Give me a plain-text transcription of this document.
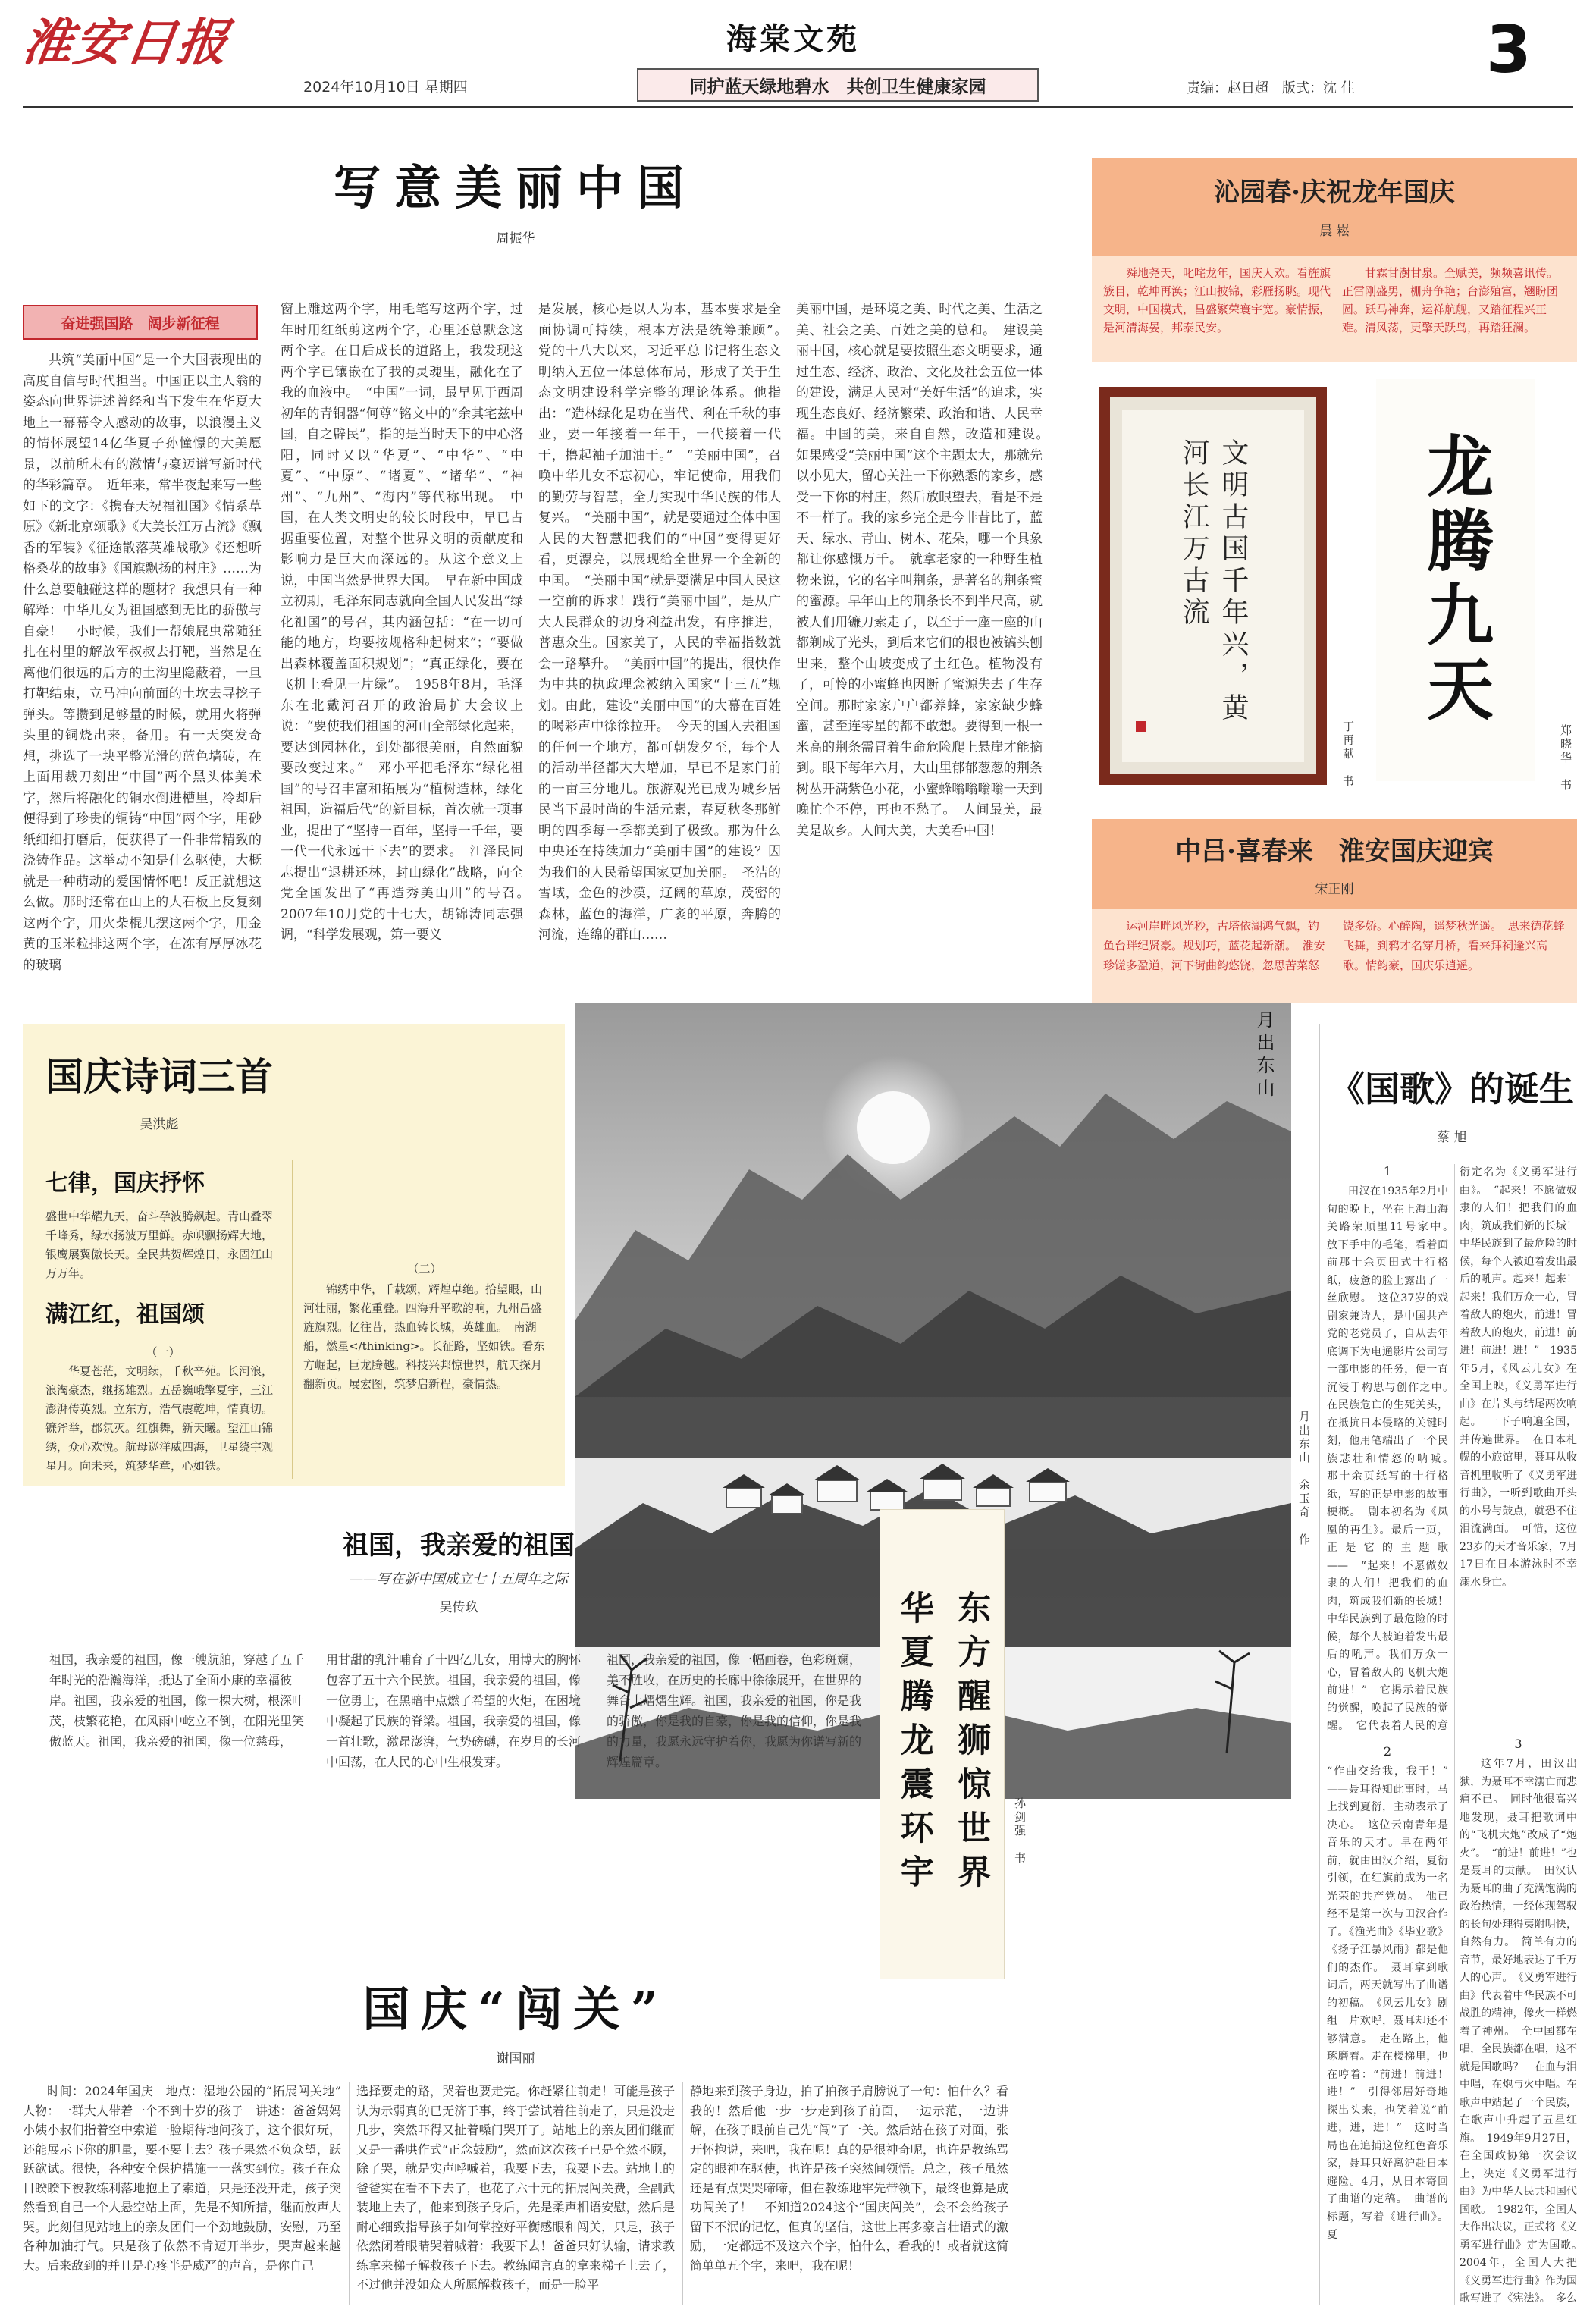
淮安日报
2024年10月10日 星期四
海棠文苑
同护蓝天绿地碧水　共创卫生健康家园	责编：赵日超　版式：沈 佳
3
写意美丽中国
周振华
奋进强国路　阔步新征程

共筑“美丽中国”是一个大国表现出的高度自信与时代担当。中国正以主人翁的姿态向世界讲述曾经和当下发生在华夏大地上一幕幕令人感动的故事，以浪漫主义的情怀展望14亿华夏子孙憧憬的大美愿景，以前所未有的激情与豪迈谱写新时代的华彩篇章。　近年来，常半夜起来写一些如下的文字：《携春天祝福祖国》《情系草原》《新北京颂歌》《大美长江万古流》《飘香的军装》《征途散落英雄战歌》《还想听格桑花的故事》《国旗飘扬的村庄》……为什么总要触碰这样的题材？我想只有一种解释：中华儿女为祖国感到无比的骄傲与自豪！　小时候，我们一帮娘屁虫常随狂扎在村里的解放军叔叔去打靶，当然是在离他们很远的后方的土沟里隐蔽着，一旦打靶结束，立马冲向前面的土坎去寻挖子弹头。等攒到足够量的时候，就用火将弹头里的铜烧出来，备用。有一天突发奇想，挑选了一块平整光滑的蓝色墙砖，在上面用裁刀刻出“中国”两个黑头体美术字，然后将融化的铜水倒进槽里，冷却后便得到了珍贵的铜铸“中国”两个字，用砂纸细细打磨后，便获得了一件非常精致的浇铸作品。这举动不知是什么驱使，大概就是一种萌动的爱国情怀吧！反正就想这么做。那时还常在山上的大石板上反复刻这两个字，用火柴棍儿摆这两个字，用金黄的玉米粒排这两个字，在冻有厚厚冰花的玻璃

窗上雕这两个字，用毛笔写这两个字，过年时用红纸剪这两个字，心里还总默念这两个字。在日后成长的道路上，我发现这两个字已镶嵌在了我的灵魂里，融化在了我的血液中。　“中国”一词，最早见于西周初年的青铜器“何尊”铭文中的“余其宅兹中国，自之辟民”，指的是当时天下的中心洛阳，同时又以“华夏”、“中华”、“中夏”、“中原”、“诸夏”、“诸华”、“神州”、“九州”、“海内”等代称出现。　中国，在人类文明史的较长时段中，早已占据重要位置，对整个世界文明的贡献度和影响力是巨大而深远的。从这个意义上说，中国当然是世界大国。　早在新中国成立初期，毛泽东同志就向全国人民发出“绿化祖国”的号召，其内涵包括：“在一切可能的地方，均要按规格种起树来”；“要做出森林覆盖面积规划”；“真正绿化，要在飞机上看见一片绿”。　1958年8月，毛泽东在北戴河召开的政治局扩大会议上说：“要使我们祖国的河山全部绿化起来，要达到园林化，到处都很美丽，自然面貌要改变过来。”　邓小平把毛泽东“绿化祖国”的号召丰富和拓展为“植树造林，绿化祖国，造福后代”的新目标，首次就一项事业，提出了“坚持一百年，坚持一千年，要一代一代永远干下去”的要求。　江泽民同志提出“退耕还林，封山绿化”战略，向全党全国发出了“再造秀美山川”的号召。　2007年10月党的十七大，胡锦涛同志强调，“科学发展观，第一要义

是发展，核心是以人为本，基本要求是全面协调可持续，根本方法是统筹兼顾”。　党的十八大以来，习近平总书记将生态文明纳入五位一体总体布局，形成了关于生态文明建设科学完整的理论体系。他指出：“造林绿化是功在当代、利在千秋的事业，要一年接着一年干，一代接着一代干，撸起袖子加油干。”　“美丽中国”，召唤中华儿女不忘初心，牢记使命，用我们的勤劳与智慧，全力实现中华民族的伟大复兴。　“美丽中国”，就是要通过全体中国人民的大智慧把我们的“中国”变得更好看，更漂亮，以展现给全世界一个全新的中国。　“美丽中国”就是要满足中国人民这一空前的诉求！践行“美丽中国”，是从广大人民群众的切身利益出发，有序推进，普惠众生。国家美了，人民的幸福指数就会一路攀升。　“美丽中国”的提出，很快作为中共的执政理念被纳入国家“十三五”规划。由此，建设“美丽中国”的大幕在百姓的喝彩声中徐徐拉开。　今天的国人去祖国的任何一个地方，都可朝发夕至，每个人的活动半径都大大增加，早已不是家门前的一亩三分地儿。旅游观光已成为城乡居民当下最时尚的生活元素，春夏秋冬那鲜明的四季每一季都美到了极致。那为什么中央还在持续加力“美丽中国”的建设？因为我们的人民希望国家更加美丽。　圣洁的雪域，金色的沙漠，辽阔的草原，茂密的森林，蓝色的海洋，广袤的平原，奔腾的河流，连绵的群山……

美丽中国，是环境之美、时代之美、生活之美、社会之美、百姓之美的总和。　建设美丽中国，核心就是要按照生态文明要求，通过生态、经济、政治、文化及社会五位一体的建设，满足人民对“美好生活”的追求，实现生态良好、经济繁荣、政治和谐、人民幸福。中国的美，来自自然，改造和建设。　如果感受“美丽中国”这个主题太大，那就先以小见大，留心关注一下你熟悉的家乡，感受一下你的村庄，然后放眼望去，看是不是不一样了。我的家乡完全是今非昔比了，蓝天、绿水、青山、树木、花朵，哪一个具象都让你感慨万千。　就拿老家的一种野生植物来说，它的名字叫荆条，是著名的荆条蜜的蜜源。早年山上的荆条长不到半尺高，就被人们用镰刀索走了，以至于一座一座的山都剃成了光头，到后来它们的根也被镐头刨出来，整个山坡变成了土红色。植物没有了，可怜的小蜜蜂也因断了蜜源失去了生存空间。那时家家户户都养蜂，家家缺少蜂蜜，甚至连零星的都不敢想。要得到一根一米高的荆条需冒着生命危险爬上悬崖才能摘到。眼下每年六月，大山里郁郁葱葱的荆条树丛开满紫色小花，小蜜蜂嗡嗡嗡嗡一天到晚忙个不停，再也不愁了。　人间最美，最美是故乡。人间大美，大美看中国！

沁园春·庆祝龙年国庆
晨 崧
舜地尧天，叱咤龙年，国庆人欢。看旌旗簇目，乾坤再涣；江山披锦，彩雁扬眺。现代文明，中国模式，昌盛繁荣寰宇宽。豪情振，是河清海晏，邦泰民安。
甘霖甘澍甘泉。全赋美，频频喜讯传。正雷刚盛男，栅舟争艳；台澎殖富，翘盼团圆。跃马神奔，运祥航舰，又踏征程兴正难。清风荡，更擎天跃鸟，再踏狂澜。
文明古国千年兴，黄河长江万古流
丁再献　书
龙腾九天
郑晓华　书
中吕·喜春来　淮安国庆迎宾
宋正刚
运河岸畔风光秒，古塔依湖鸿气飘，钓鱼台畔纪贤豪。规划巧，蓝花起新潮。　淮安珍馐多盈道，河下街曲韵悠饶，忽思苦菜怒饶多娇。心醉陶，遥梦秋光遥。　思来德花蜂飞舞，到鸦才名穿月桥，看来拜祠逢兴高歌。情韵豪，国庆乐逍遥。
国庆诗词三首
吴洪彪
七律，国庆抒怀
盛世中华耀九天，奋斗孕波腾飙起。青山叠翠千峰秀，绿水扬波万里鲜。赤帜飘扬辉大地，银鹰展翼傲长天。全民共贺辉煌日，永固江山万万年。
满江红，祖国颂
（一）
华夏苍茫，文明续，千秋辛苑。长河浪，浪淘豪杰，继扬雄烈。五岳巍峨擎夏宇，三江澎湃传英烈。立东方，浩气震乾坤，情真切。　镰斧举，郡氛灭。红旗舞，新天曦。望江山锦绣，众心欢悦。航母巡洋威四海，卫星绕宇观星月。向未来，筑梦华章，心如铁。
（二）
锦绣中华，千载颂，辉煌卓绝。拾望眼，山河壮丽，繁花重叠。四海升平歌韵响，九州昌盛旌旗烈。忆往昔，热血铸长城，英雄血。　南湖船，燃星</thinking>。长征路，坚如铁。看东方崛起，巨龙腾越。科技兴邦惊世界，航天探月翻新页。展宏图，筑梦启新程，豪情热。
月出东山
月出东山　余玉奇　作
祖国，我亲爱的祖国
——写在新中国成立七十五周年之际
吴传玖
祖国，我亲爱的祖国，像一艘航舶，穿越了五千年时光的浩瀚海洋，抵达了全面小康的幸福彼岸。祖国，我亲爱的祖国，像一棵大树，根深叶茂，枝繁花艳，在风雨中屹立不倒，在阳光里笑傲蓝天。祖国，我亲爱的祖国，像一位慈母，
用甘甜的乳汁哺育了十四亿儿女，用博大的胸怀包容了五十六个民族。祖国，我亲爱的祖国，像一位勇士，在黑暗中点燃了希望的火炬，在困境中凝起了民族的脊梁。祖国，我亲爱的祖国，像一首壮歌，激昂澎湃，气势磅礴，在岁月的长河中回荡，在人民的心中生根发芽。
祖国，我亲爱的祖国，像一幅画卷，色彩斑斓，美不胜收，在历史的长廊中徐徐展开，在世界的舞台上熠熠生辉。祖国，我亲爱的祖国，你是我的骄傲，你是我的自豪，你是我的信仰，你是我的力量，我愿永远守护着你，我愿为你谱写新的辉煌篇章。	东方醒狮惊世界
华夏腾龙震环宇	孙剑强　书
国庆“闯关”
谢国丽

时间：2024年国庆　地点：湿地公园的“拓展闯关地”　人物：一群大人带着一个不到十岁的孩子　讲述：爸爸妈妈小姨小叔们指着空中索道一脸期待地问孩子，这个很好玩，还能展示下你的胆量，要不要上去？孩子果然不负众望，跃跃欲试。很快，各种安全保护措施一一落实到位。孩子在众目睽睽下被教练利落地抱上了索道，只是还没开走，孩子突然看到自己一个人悬空站上面，先是不知所措，继而放声大哭。此刻但见站地上的亲友团们一个劲地鼓励，安慰，乃至各种加油打气。只是孩子依然不肯迈开半步，哭声越来越大。后来敌到的并且是心疼半是威严的声音，是你自己

选择要走的路，哭着也要走完。你赶紧往前走！可能是孩子认为示弱真的已无济于事，终于尝试着往前走了，只是没走几步，突然吓得又扯着嗓门哭开了。站地上的亲友团们继而又是一番哄作式“正念鼓励”，然而这次孩子已是全然不顾，除了哭，就是实声呼喊着，我要下去，我要下去。站地上的爸爸实在看不下去了，也花了六十元的拓展闯关费，全副武装地上去了，他来到孩子身后，先是柔声相语安慰，然后是耐心细致指导孩子如何掌控好平衡感眼和闯关，只是，孩子依然闭着眼睛哭着喊着：我要下去！爸爸只好认输，请求教练拿来梯子解救孩子下去。教练闻言真的拿来梯子上去了，不过他并没如众人所愿解救孩子，而是一脸平

静地来到孩子身边，拍了拍孩子肩膀说了一句：怕什么？看我的！然后他一步一步走到孩子前面，一边示范，一边讲解，在孩子眼前自己先“闯”了一关。然后站在孩子对面，张开怀抱说，来吧，我在呢！真的是很神奇呢，也许是教练骂定的眼神在驱使，也许是孩子突然间领悟。总之，孩子虽然还是有点哭哭啼啼，但在教练地牢先带领下，最终也算是成功闯关了！　不知道2024这个“国庆闯关”，会不会给孩子留下不泯的记忆，但真的坚信，这世上再多豪言壮语式的激励，一定都远不及这六个字，怕什么，看我的！或者就这简简单单五个字，来吧，我在呢！

《国歌》的诞生
蔡 旭
1

田汉在1935年2月中旬的晚上，坐在上海山海关路荣顺里11号家中。　放下手中的毛笔，看着面前那十余页田式十行格纸，疲惫的脸上露出了一丝欣慰。　这位37岁的戏剧家兼诗人，是中国共产党的老党员了，自从去年底调下为电通影片公司写一部电影的任务，便一直沉浸于构思与创作之中。　在民族危亡的生死关头，在抵抗日本侵略的关键时刻，他用笔端出了一个民族悲壮和情怒的呐喊。　那十余页纸写的十行格纸，写的正是电影的故事梗概。　剧本初名为《凤凰的再生》。最后一页，正是它的主题歌——　“起来！不愿做奴隶的人们！把我们的血肉，筑成我们新的长城！中华民族到了最危险的时候，每个人被迫着发出最后的吼声。我们万众一心，冒着敌人的飞机大炮前进！”　它揭示着民族的觉醒，唤起了民族的觉醒。　它代表着人民的意　　　　

2

“作曲交给我，我干！”　——聂耳得知此事时，马上找到夏衍，主动表示了决心。　这位云南青年是音乐的天才。早在两年前，就由田汉介绍，夏衍引领，在红旗前成为一名光荣的共产党员。　他已经不是第一次与田汉合作了。《渔光曲》《毕业歌》《扬子江暴风雨》都是他们的杰作。　聂耳拿到歌词后，两天就写出了曲谱的初稿。　《风云儿女》剧组一片欢呼，聂耳却还不够满意。　走在路上，他琢磨着。走在楼梯里，也在哼着：“前进！前进！进！”　引得邻居好奇地探出头来，也笑着说“前进，进，进！”　这时当局也在追捕这位红色音乐家，聂耳只好离沪赴日本避险。4月，从日本寄回了曲谱的定稿。　曲谱的标题，写着《进行曲》。夏

衍定名为《义勇军进行曲》。　“起来！不愿做奴隶的人们！把我们的血肉，筑成我们新的长城！中华民族到了最危险的时候，每个人被迫着发出最后的吼声。起来！起来！起来！我们万众一心，冒着敌人的炮火，前进！冒着敌人的炮火，前进！前进！前进！进！”　1935年5月，《风云儿女》在全国上映，《义勇军进行曲》在片头与结尾两次响起。　一下子响遍全国，并传遍世界。　在日本札幌的小旅馆里，聂耳从收音机里收听了《义勇军进行曲》，一听到歌曲开头的小号与鼓点，就恐不住泪流满面。　可惜，这位23岁的天才音乐家，7月17日在日本游泳时不幸溺水身亡。

3

这年7月，田汉出狱，为聂耳不幸溺亡而悲痛不已。　同时他很高兴地发现，聂耳把歌词中的“飞机大炮”改成了“炮火”。　“前进！前进！”也是聂耳的贡献。　田汉认为聂耳的曲子充满饱满的政治热情，一经体现驾驭的长句处理得夷附明快，自然有力。　简单有力的音节，最好地表达了千万人的心声。　《义勇军进行曲》代表着中华民族不可战胜的精神，像火一样燃着了神州。　全中国都在唱，全民族都在唱，这不就是国歌吗？　在血与泪中唱，在炮与火中唱。在歌声中站起了一个民族，在歌声中升起了五星红旗。　1949年9月27日，在全国政协第一次会议上，决定《义勇军进行曲》为中华人民共和国代国歌。　1982年，全国人大作出决议，正式将《义勇军进行曲》定为国歌。　2004年，全国人大把《义勇军进行曲》作为国歌写进了《宪法》。　多么　　　　　
